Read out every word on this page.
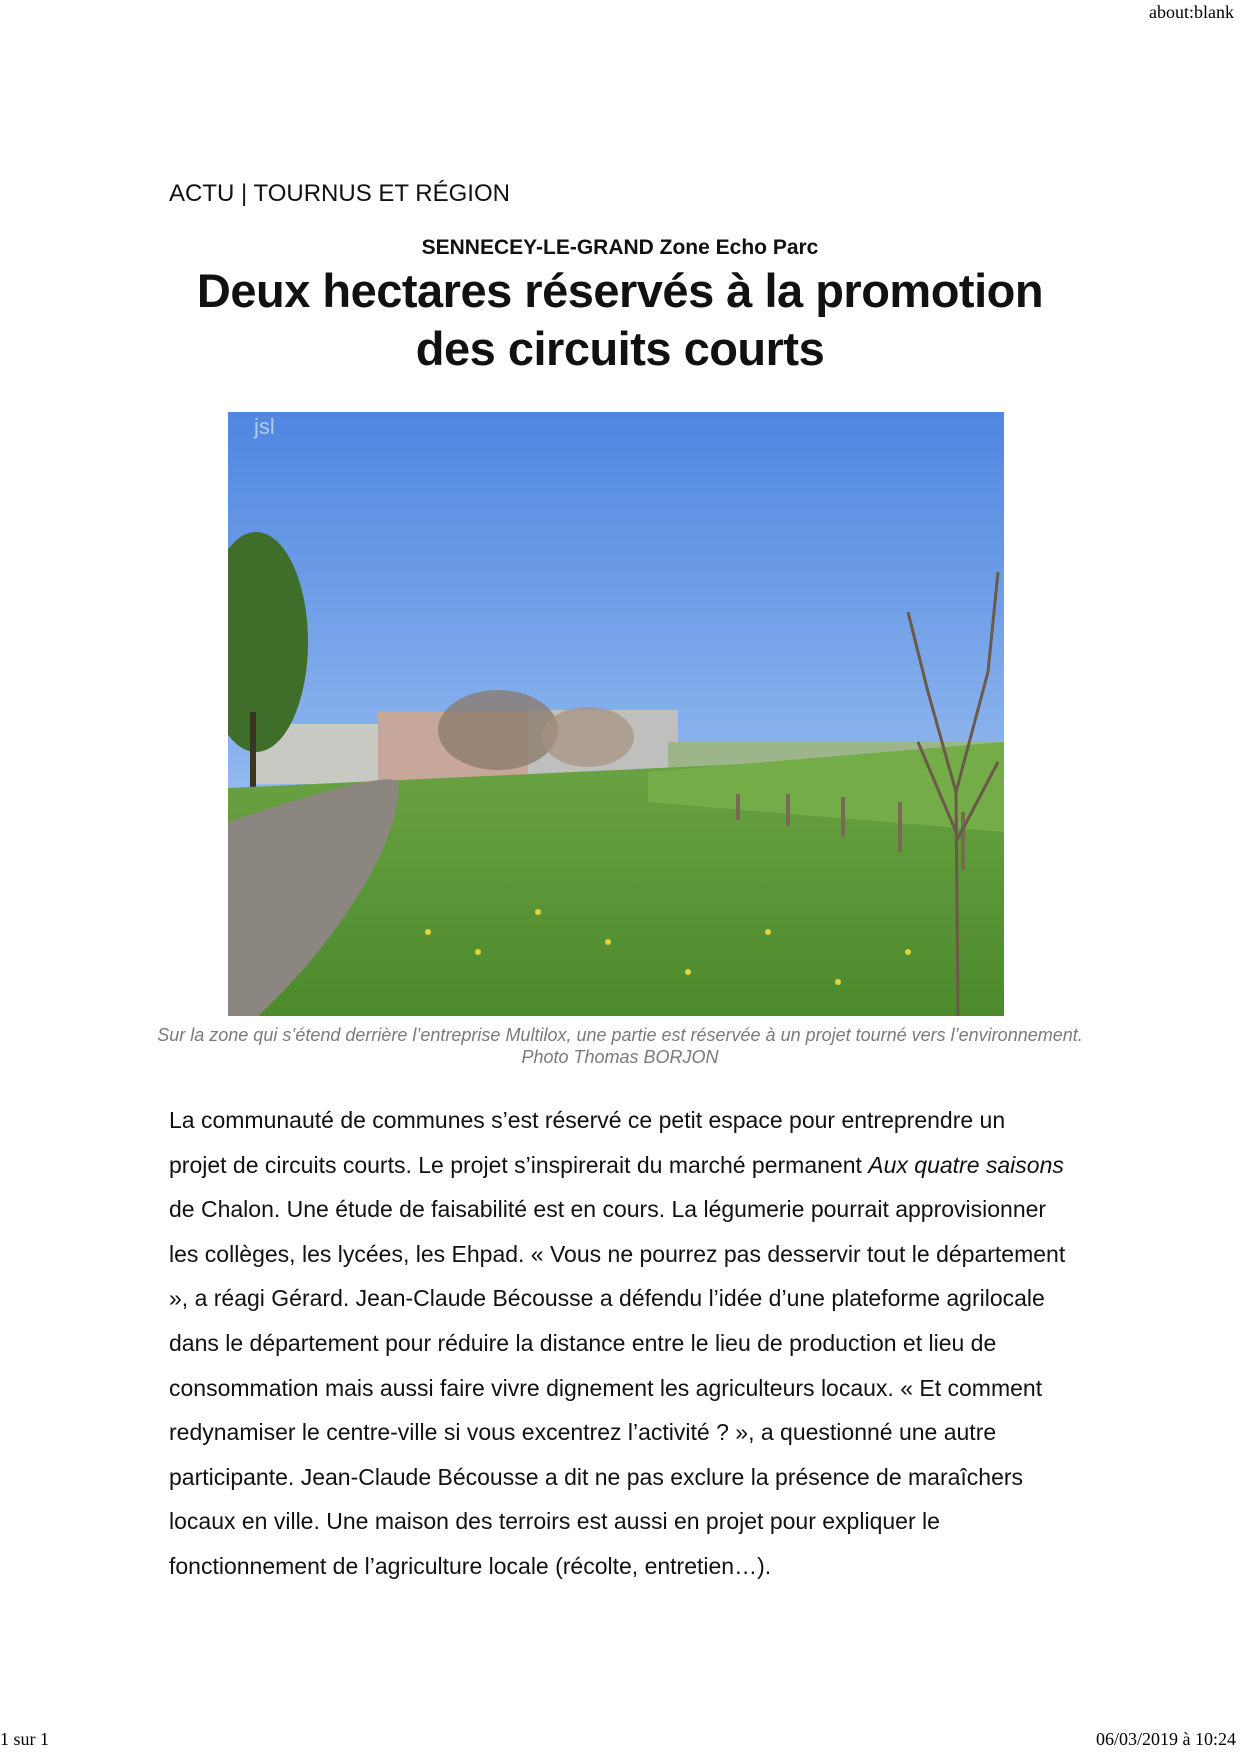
about:blank
ACTU | TOURNUS ET RÉGION
SENNECEY-LE-GRAND Zone Echo Parc
Deux hectares réservés à la promotion
des circuits courts
jsl
Sur la zone qui s’étend derrière l’entreprise Multilox, une partie est réservée à un projet tourné vers l’environnement. Photo Thomas BORJON

La communauté de communes s’est réservé ce petit espace pour entreprendre un projet de circuits courts. Le projet s’inspirerait du marché permanent Aux quatre saisons de Chalon. Une étude de faisabilité est en cours. La légumerie pourrait approvisionner les collèges, les lycées, les Ehpad. « Vous ne pourrez pas desservir tout le département », a réagi Gérard. Jean-Claude Bécousse a défendu l’idée d’une plateforme agrilocale dans le département pour réduire la distance entre le lieu de production et lieu de consommation mais aussi faire vivre dignement les agriculteurs locaux. « Et comment redynamiser le centre-ville si vous excentrez l’activité ? », a questionné une autre participante. Jean-Claude Bécousse a dit ne pas exclure la présence de maraîchers locaux en ville. Une maison des terroirs est aussi en projet pour expliquer le fonctionnement de l’agriculture locale (récolte, entretien…).

1 sur 1	06/03/2019 à 10:24
